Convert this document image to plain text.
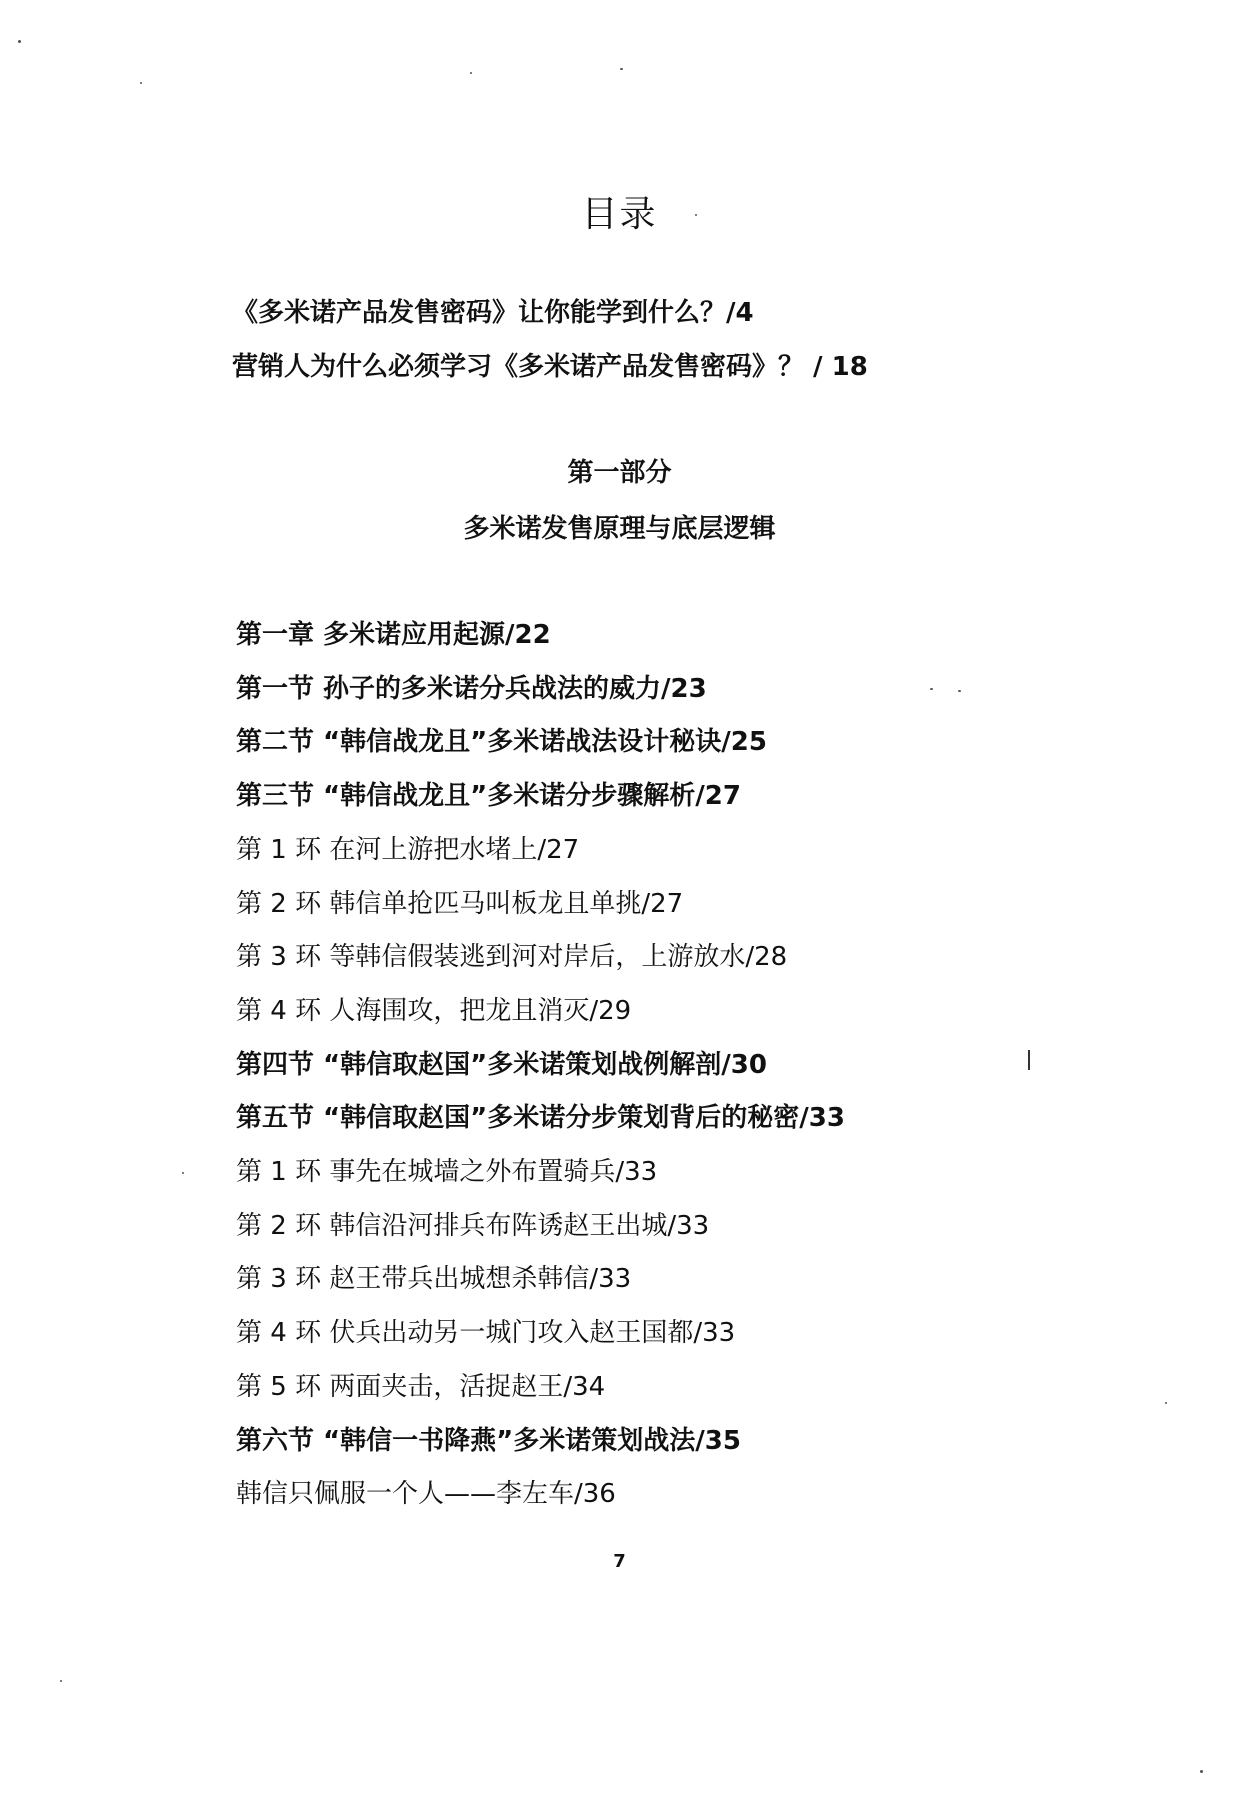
目录
《多米诺产品发售密码》让你能学到什么？/4
营销人为什么必须学习《多米诺产品发售密码》？ / 18
第一部分
多米诺发售原理与底层逻辑
第一章 多米诺应用起源/22
第一节 孙子的多米诺分兵战法的威力/23
第二节 “韩信战龙且”多米诺战法设计秘诀/25
第三节 “韩信战龙且”多米诺分步骤解析/27
第 1 环 在河上游把水堵上/27
第 2 环 韩信单抢匹马叫板龙且单挑/27
第 3 环 等韩信假装逃到河对岸后，上游放水/28
第 4 环 人海围攻，把龙且消灭/29
第四节 “韩信取赵国”多米诺策划战例解剖/30
第五节 “韩信取赵国”多米诺分步策划背后的秘密/33
第 1 环 事先在城墙之外布置骑兵/33
第 2 环 韩信沿河排兵布阵诱赵王出城/33
第 3 环 赵王带兵出城想杀韩信/33
第 4 环 伏兵出动另一城门攻入赵王国都/33
第 5 环 两面夹击，活捉赵王/34
第六节 “韩信一书降燕”多米诺策划战法/35
韩信只佩服一个人——李左车/36
7
